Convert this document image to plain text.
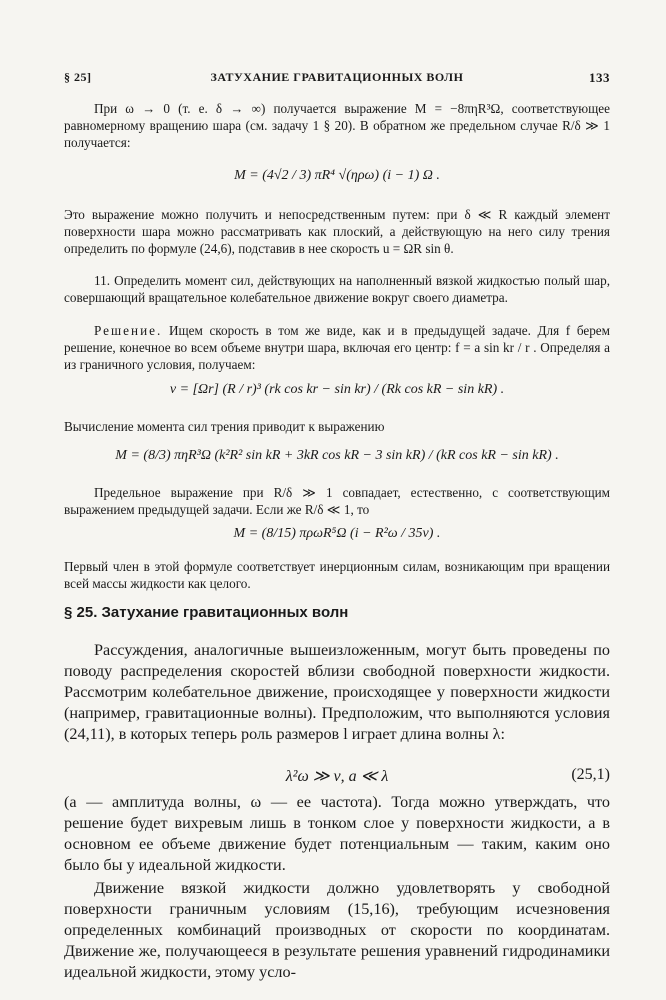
§ 25]	ЗАТУХАНИЕ ГРАВИТАЦИОННЫХ ВОЛН	133

При ω → 0 (т. е. δ → ∞) получается выражение M = −8πηR³Ω, соответствующее равномерному вращению шара (см. задачу 1 § 20). В обратном же предельном случае R/δ ≫ 1 получается:

M = (4√2 / 3) πR⁴ √(ηρω) (i − 1) Ω .

Это выражение можно получить и непосредственным путем: при δ ≪ R каждый элемент поверхности шара можно рассматривать как плоский, а действующую на него силу трения определить по формуле (24,6), подставив в нее скорость u = ΩR sin θ.

11. Определить момент сил, действующих на наполненный вязкой жидкостью полый шар, совершающий вращательное колебательное движение вокруг своего диаметра.

Решение. Ищем скорость в том же виде, как и в предыдущей задаче. Для f берем решение, конечное во всем объеме внутри шара, включая его центр: f = a sin kr / r . Определяя a из граничного условия, получаем:

v = [Ωr] (R / r)³ (rk cos kr − sin kr) / (Rk cos kR − sin kR) .

Вычисление момента сил трения приводит к выражению

M = (8/3) πηR³Ω (k²R² sin kR + 3kR cos kR − 3 sin kR) / (kR cos kR − sin kR) .

Предельное выражение при R/δ ≫ 1 совпадает, естественно, с соответствующим выражением предыдущей задачи. Если же R/δ ≪ 1, то

M = (8/15) πρωR⁵Ω (i − R²ω / 35ν) .

Первый член в этой формуле соответствует инерционным силам, возникающим при вращении всей массы жидкости как целого.

§ 25. Затухание гравитационных волн

Рассуждения, аналогичные вышеизложенным, могут быть проведены по поводу распределения скоростей вблизи свободной поверхности жидкости. Рассмотрим колебательное движение, происходящее у поверхности жидкости (например, гравитационные волны). Предположим, что выполняются условия (24,11), в которых теперь роль размеров l играет длина волны λ:

λ²ω ≫ ν, a ≪ λ	(25,1)

(a — амплитуда волны, ω — ее частота). Тогда можно утверждать, что решение будет вихревым лишь в тонком слое у поверхности жидкости, а в основном ее объеме движение будет потенциальным — таким, каким оно было бы у идеальной жидкости.

Движение вязкой жидкости должно удовлетворять у свободной поверхности граничным условиям (15,16), требующим исчезновения определенных комбинаций производных от скорости по координатам. Движение же, получающееся в результате решения уравнений гидродинамики идеальной жидкости, этому усло-
